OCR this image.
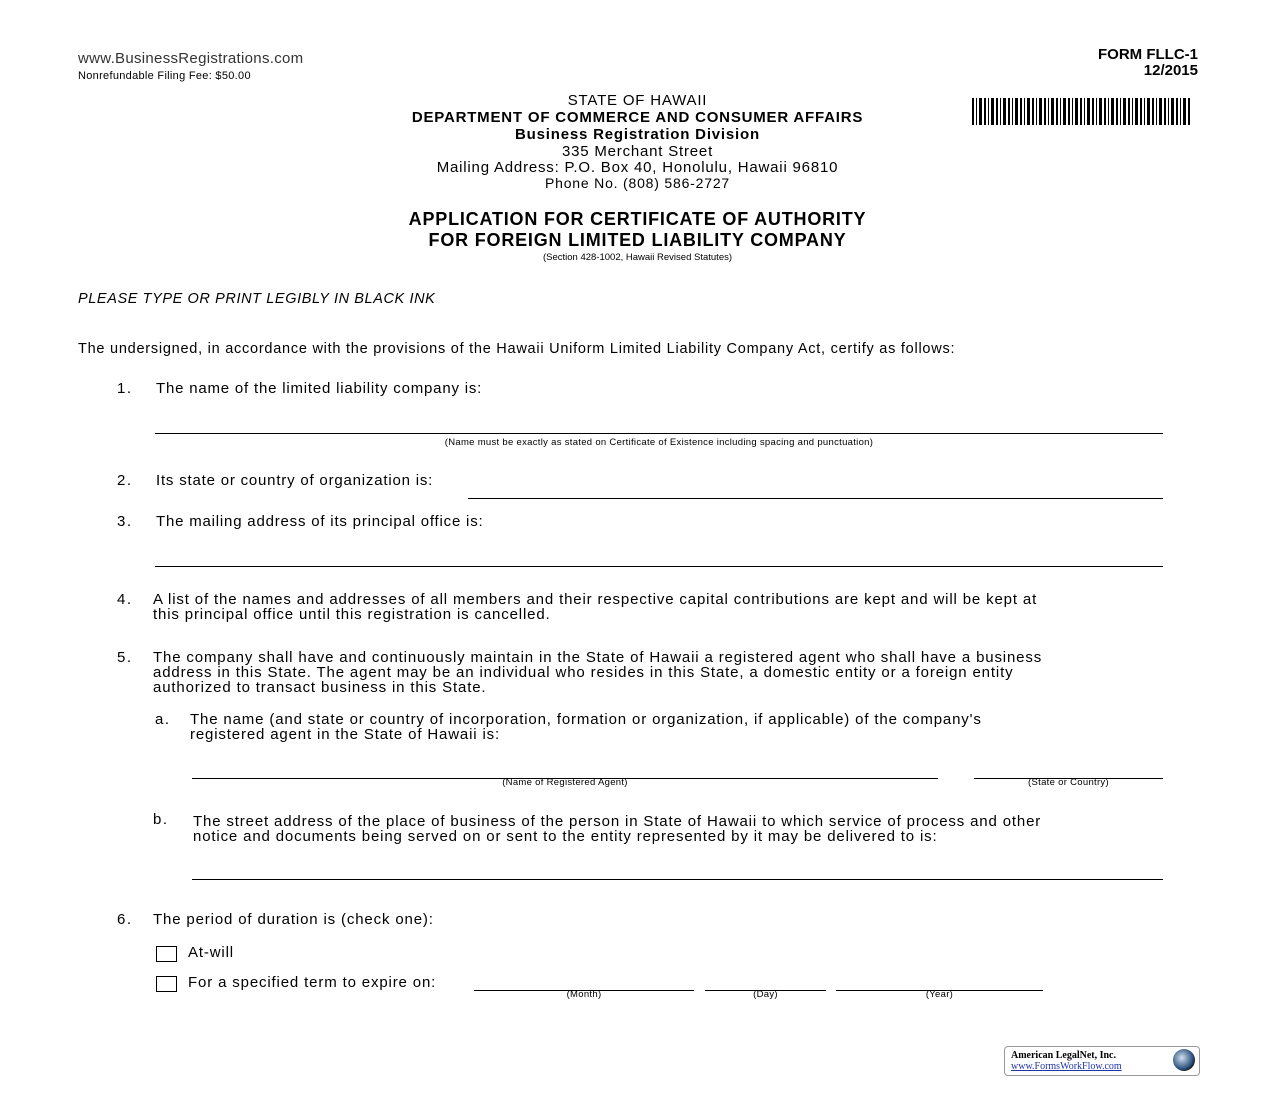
www.BusinessRegistrations.com
Nonrefundable Filing Fee: $50.00
FORM FLLC-1
12/2015
STATE OF HAWAII
DEPARTMENT OF COMMERCE AND CONSUMER AFFAIRS
Business Registration Division
335 Merchant Street
Mailing Address: P.O. Box 40, Honolulu, Hawaii 96810
Phone No. (808) 586-2727
APPLICATION FOR CERTIFICATE OF AUTHORITY
FOR FOREIGN LIMITED LIABILITY COMPANY
(Section 428-1002, Hawaii Revised Statutes)
PLEASE TYPE OR PRINT LEGIBLY IN BLACK INK
The undersigned, in accordance with the provisions of the Hawaii Uniform Limited Liability Company Act, certify as follows:
1. The name of the limited liability company is:
(Name must be exactly as stated on Certificate of Existence including spacing and punctuation)
2. Its state or country of organization is:
3. The mailing address of its principal office is:
4. A list of the names and addresses of all members and their respective capital contributions are kept and will be kept at
this principal office until this registration is cancelled.
5. The company shall have and continuously maintain in the State of Hawaii a registered agent who shall have a business
address in this State. The agent may be an individual who resides in this State, a domestic entity or a foreign entity
authorized to transact business in this State.
a. The name (and state or country of incorporation, formation or organization, if applicable) of the company's
registered agent in the State of Hawaii is:
(Name of Registered Agent)	(State or Country)
b. The street address of the place of business of the person in State of Hawaii to which service of process and other
notice and documents being served on or sent to the entity represented by it may be delivered to is:
6. The period of duration is (check one):
At-will
For a specified term to expire on:
(Month)	(Day)	(Year)
American LegalNet, Inc.
www.FormsWorkFlow.com
